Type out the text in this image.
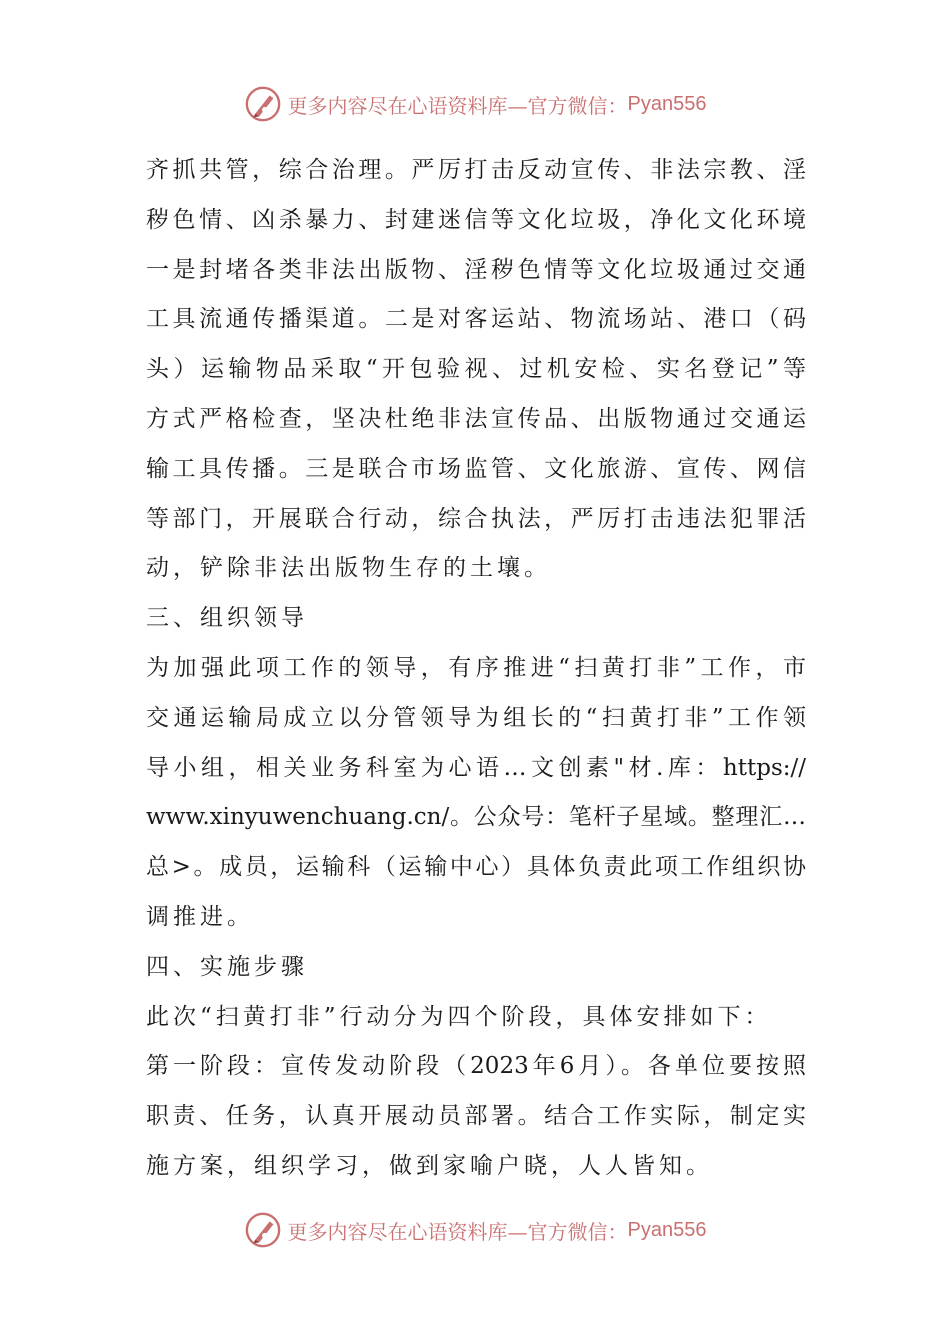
更多内容尽在心语资料库—官方微信： Pyan556
齐抓共管，综合治理。严厉打击反动宣传、非法宗教、淫
秽色情、凶杀暴力、封建迷信等文化垃圾，净化文化环境
一是封堵各类非法出版物、淫秽色情等文化垃圾通过交通
工具流通传播渠道。二是对客运站、物流场站、港口（码
头）运输物品采取“开包验视、过机安检、实名登记”等
方式严格检查，坚决杜绝非法宣传品、出版物通过交通运
输工具传播。三是联合市场监管、文化旅游、宣传、网信
等部门，开展联合行动，综合执法，严厉打击违法犯罪活
动，铲除非法出版物生存的土壤。
三、组织领导
为加强此项工作的领导，有序推进“扫黄打非”工作，市
交通运输局成立以分管领导为组长的“扫黄打非”工作领
导小组，相关业务科室为心语…文创素"材.库：https://
www.xinyuwenchuang.cn/。公众号：笔杆子星域。整理汇…
总>。成员，运输科（运输中心）具体负责此项工作组织协
调推进。
四、实施步骤
此次“扫黄打非”行动分为四个阶段，具体安排如下：
第一阶段：宣传发动阶段（2023年6月）。各单位要按照
职责、任务，认真开展动员部署。结合工作实际，制定实
施方案，组织学习，做到家喻户晓，人人皆知。
更多内容尽在心语资料库—官方微信： Pyan556
